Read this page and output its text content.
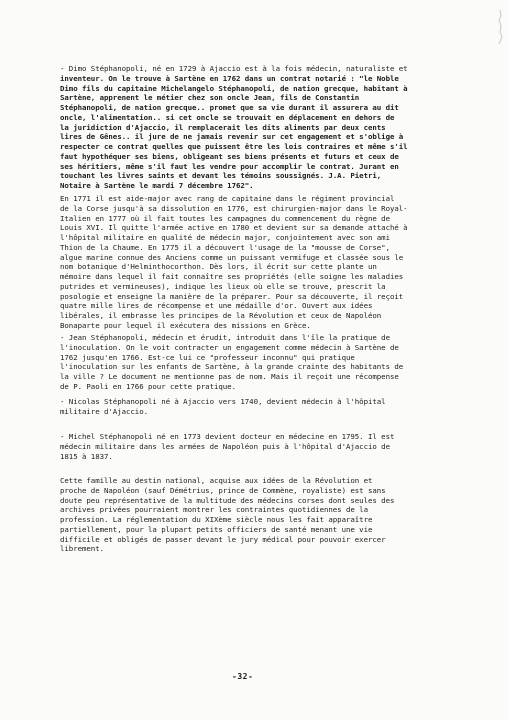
- Dimo Stéphanopoli, né en 1729 à Ajaccio est à la fois médecin, naturaliste et
inventeur. On le trouve à Sartène en 1762 dans un contrat notarié : "le Noble
Dimo fils du capitaine Michelangelo Stéphanopoli, de nation grecque, habitant à
Sartène, apprenent le métier chez son oncle Jean, fils de Constantin
Stéphanopoli, de nation grecque.. promet que sa vie durant il assurera au dit
oncle, l'alimentation.. si cet oncle se trouvait en déplacement en dehors de
la juridiction d'Ajaccio, il remplacerait les dits aliments par deux cents
lires de Gênes.. il jure de ne jamais revenir sur cet engagement et s'oblige à
respecter ce contrat quelles que puissent être les lois contraires et même s'il
faut hypothéquer ses biens, obligeant ses biens présents et futurs et ceux de
ses héritiers, même s'il faut les vendre pour accomplir le contrat. Jurant en
touchant les livres saints et devant les témoins soussignés. J.A. Pietri,
Notaire à Sartène le mardi 7 décembre 1762".
En 1771 il est aide-major avec rang de capitaine dans le régiment provincial
de la Corse jusqu'à sa dissolution en 1776, est chirurgien-major dans le Royal-
Italien en 1777 où il fait toutes les campagnes du commencement du règne de
Louis XVI. Il quitte l'armée active en 1780 et devient sur sa demande attaché à
l'hôpital militaire en qualité de médecin major, conjointement avec son ami
Thion de la Chaume. En 1775 il a découvert l'usage de la "mousse de Corse",
algue marine connue des Anciens comme un puissant vermifuge et classée sous le
nom botanique d'Helminthocorthon. Dès lors, il écrit sur cette plante un
mémoire dans lequel il fait connaître ses propriétés (elle soigne les maladies
putrides et vermineuses), indique les lieux où elle se trouve, prescrit la
posologie et enseigne la manière de la préparer. Pour sa découverte, il reçoit
quatre mille lires de récompense et une médaille d'or. Ouvert aux idées
libérales, il embrasse les principes de la Révolution et ceux de Napoléon
Bonaparte pour lequel il exécutera des missions en Grèce.
- Jean Stéphanopoli, médecin et érudit, introduit dans l'île la pratique de
l'inoculation. On le voit contracter un engagement comme médecin à Sartène de
1762 jusqu'en 1766. Est-ce lui ce "professeur inconnu" qui pratique
l'inoculation sur les enfants de Sartène, à la grande crainte des habitants de
la ville ? Le document ne mentionne pas de nom. Mais il reçoit une récompense
de P. Paoli en 1766 pour cette pratique.
- Nicolas Stéphanopoli né à Ajaccio vers 1740, devient médecin à l'hôpital
militaire d'Ajaccio.
- Michel Stéphanopoli né en 1773 devient docteur en médecine en 1795. Il est
médecin militaire dans les armées de Napoléon puis à l'hôpital d'Ajaccio de
1815 à 1837.
Cette famille au destin national, acquise aux idées de la Révolution et
proche de Napoléon (sauf Démétrius, prince de Commène, royaliste) est sans
doute peu représentative de la multitude des médecins corses dont seules des
archives privées pourraient montrer les contraintes quotidiennes de la
profession. La réglementation du XIXème siècle nous les fait apparaître
partiellement, pour la plupart petits officiers de santé menant une vie
difficile et obligés de passer devant le jury médical pour pouvoir exercer
librement.
-32-
